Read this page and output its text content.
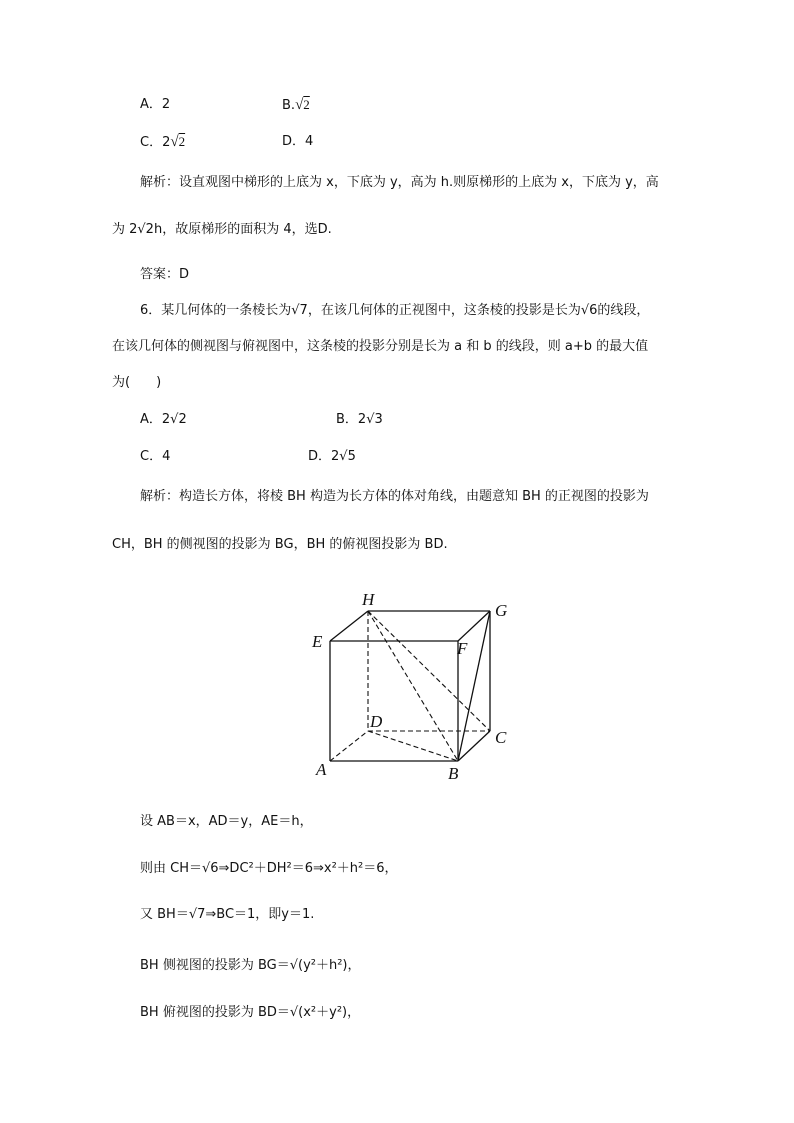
A．2	B.√2
C．2√2	D．4
解析：设直观图中梯形的上底为 x，下底为 y，高为 h.则原梯形的上底为 x，下底为 y，高
为 2√2h，故原梯形的面积为 4，选D.
答案：D
6．某几何体的一条棱长为√7，在该几何体的正视图中，这条棱的投影是长为√6的线段，
在该几何体的侧视图与俯视图中，这条棱的投影分别是长为 a 和 b 的线段，则 a+b 的最大值
为(　　)
A．2√2	B．2√3
C．4	D．2√5
解析：构造长方体，将棱 BH 构造为长方体的体对角线，由题意知 BH 的正视图的投影为
CH，BH 的侧视图的投影为 BG，BH 的俯视图投影为 BD.
H
G
E	F
D
C
A	B
设 AB＝x，AD＝y，AE＝h，
则由 CH＝√6⇒DC²＋DH²＝6⇒x²＋h²＝6，
又 BH＝√7⇒BC＝1，即y＝1.
BH 侧视图的投影为 BG＝√(y²＋h²)，
BH 俯视图的投影为 BD＝√(x²＋y²)，
